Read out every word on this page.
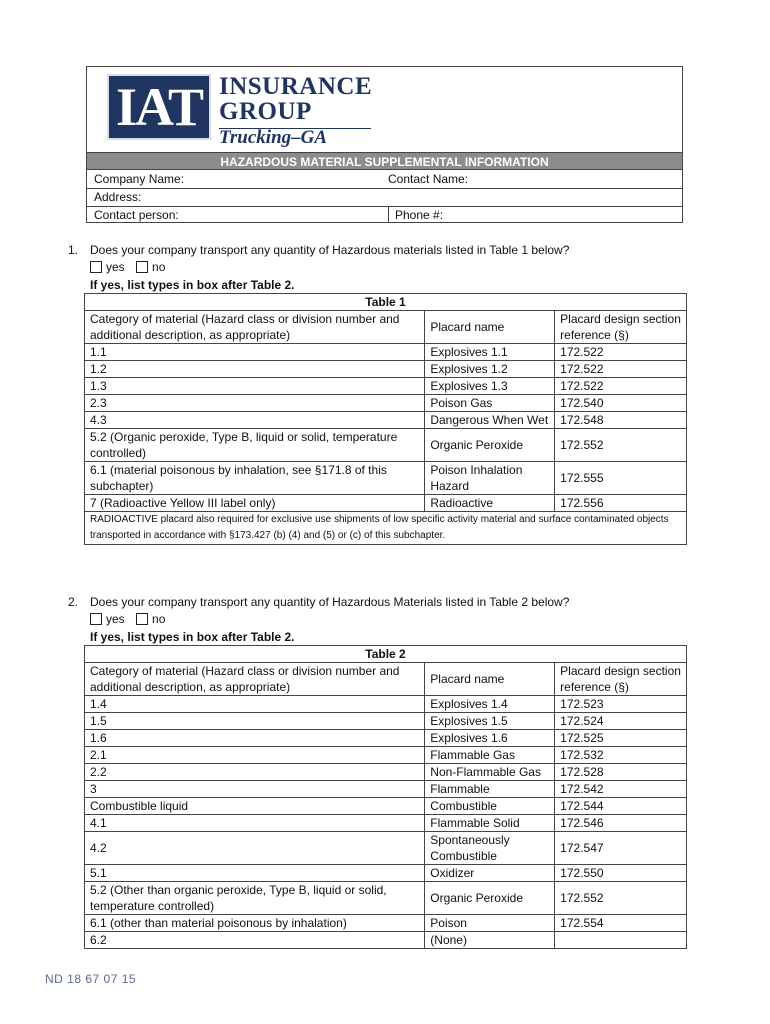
IAT INSURANCE
GROUP
Trucking–GA
HAZARDOUS MATERIAL SUPPLEMENTAL INFORMATION
Company Name:	Contact Name:
Address:
Contact person:	Phone #:
1. Does your company transport any quantity of Hazardous materials listed in Table 1 below?
yes no
If yes, list types in box after Table 2.
Table 1		
Category of material (Hazard class or division number and additional description, as appropriate)	Placard name	Placard design section reference (§)
1.1	Explosives 1.1	172.522
1.2	Explosives 1.2	172.522
1.3	Explosives 1.3	172.522
2.3	Poison Gas	172.540
4.3	Dangerous When Wet	172.548
5.2 (Organic peroxide, Type B, liquid or solid, temperature controlled)	Organic Peroxide	172.552
6.1 (material poisonous by inhalation, see §171.8 of this subchapter)	Poison Inhalation Hazard	172.555
7 (Radioactive Yellow III label only)	Radioactive	172.556
RADIOACTIVE placard also required for exclusive use shipments of low specific activity material and surface contaminated objects transported in accordance with §173.427 (b) (4) and (5) or (c) of this subchapter.		
2. Does your company transport any quantity of Hazardous Materials listed in Table 2 below?
yes no
If yes, list types in box after Table 2.
Table 2		
Category of material (Hazard class or division number and additional description, as appropriate)	Placard name	Placard design section reference (§)
1.4	Explosives 1.4	172.523
1.5	Explosives 1.5	172.524
1.6	Explosives 1.6	172.525
2.1	Flammable Gas	172.532
2.2	Non-Flammable Gas	172.528
3	Flammable	172.542
Combustible liquid	Combustible	172.544
4.1	Flammable Solid	172.546
4.2	Spontaneously Combustible	172.547
5.1	Oxidizer	172.550
5.2 (Other than organic peroxide, Type B, liquid or solid, temperature controlled)	Organic Peroxide	172.552
6.1 (other than material poisonous by inhalation)	Poison	172.554
6.2	(None)	
ND 18 67 07 15
